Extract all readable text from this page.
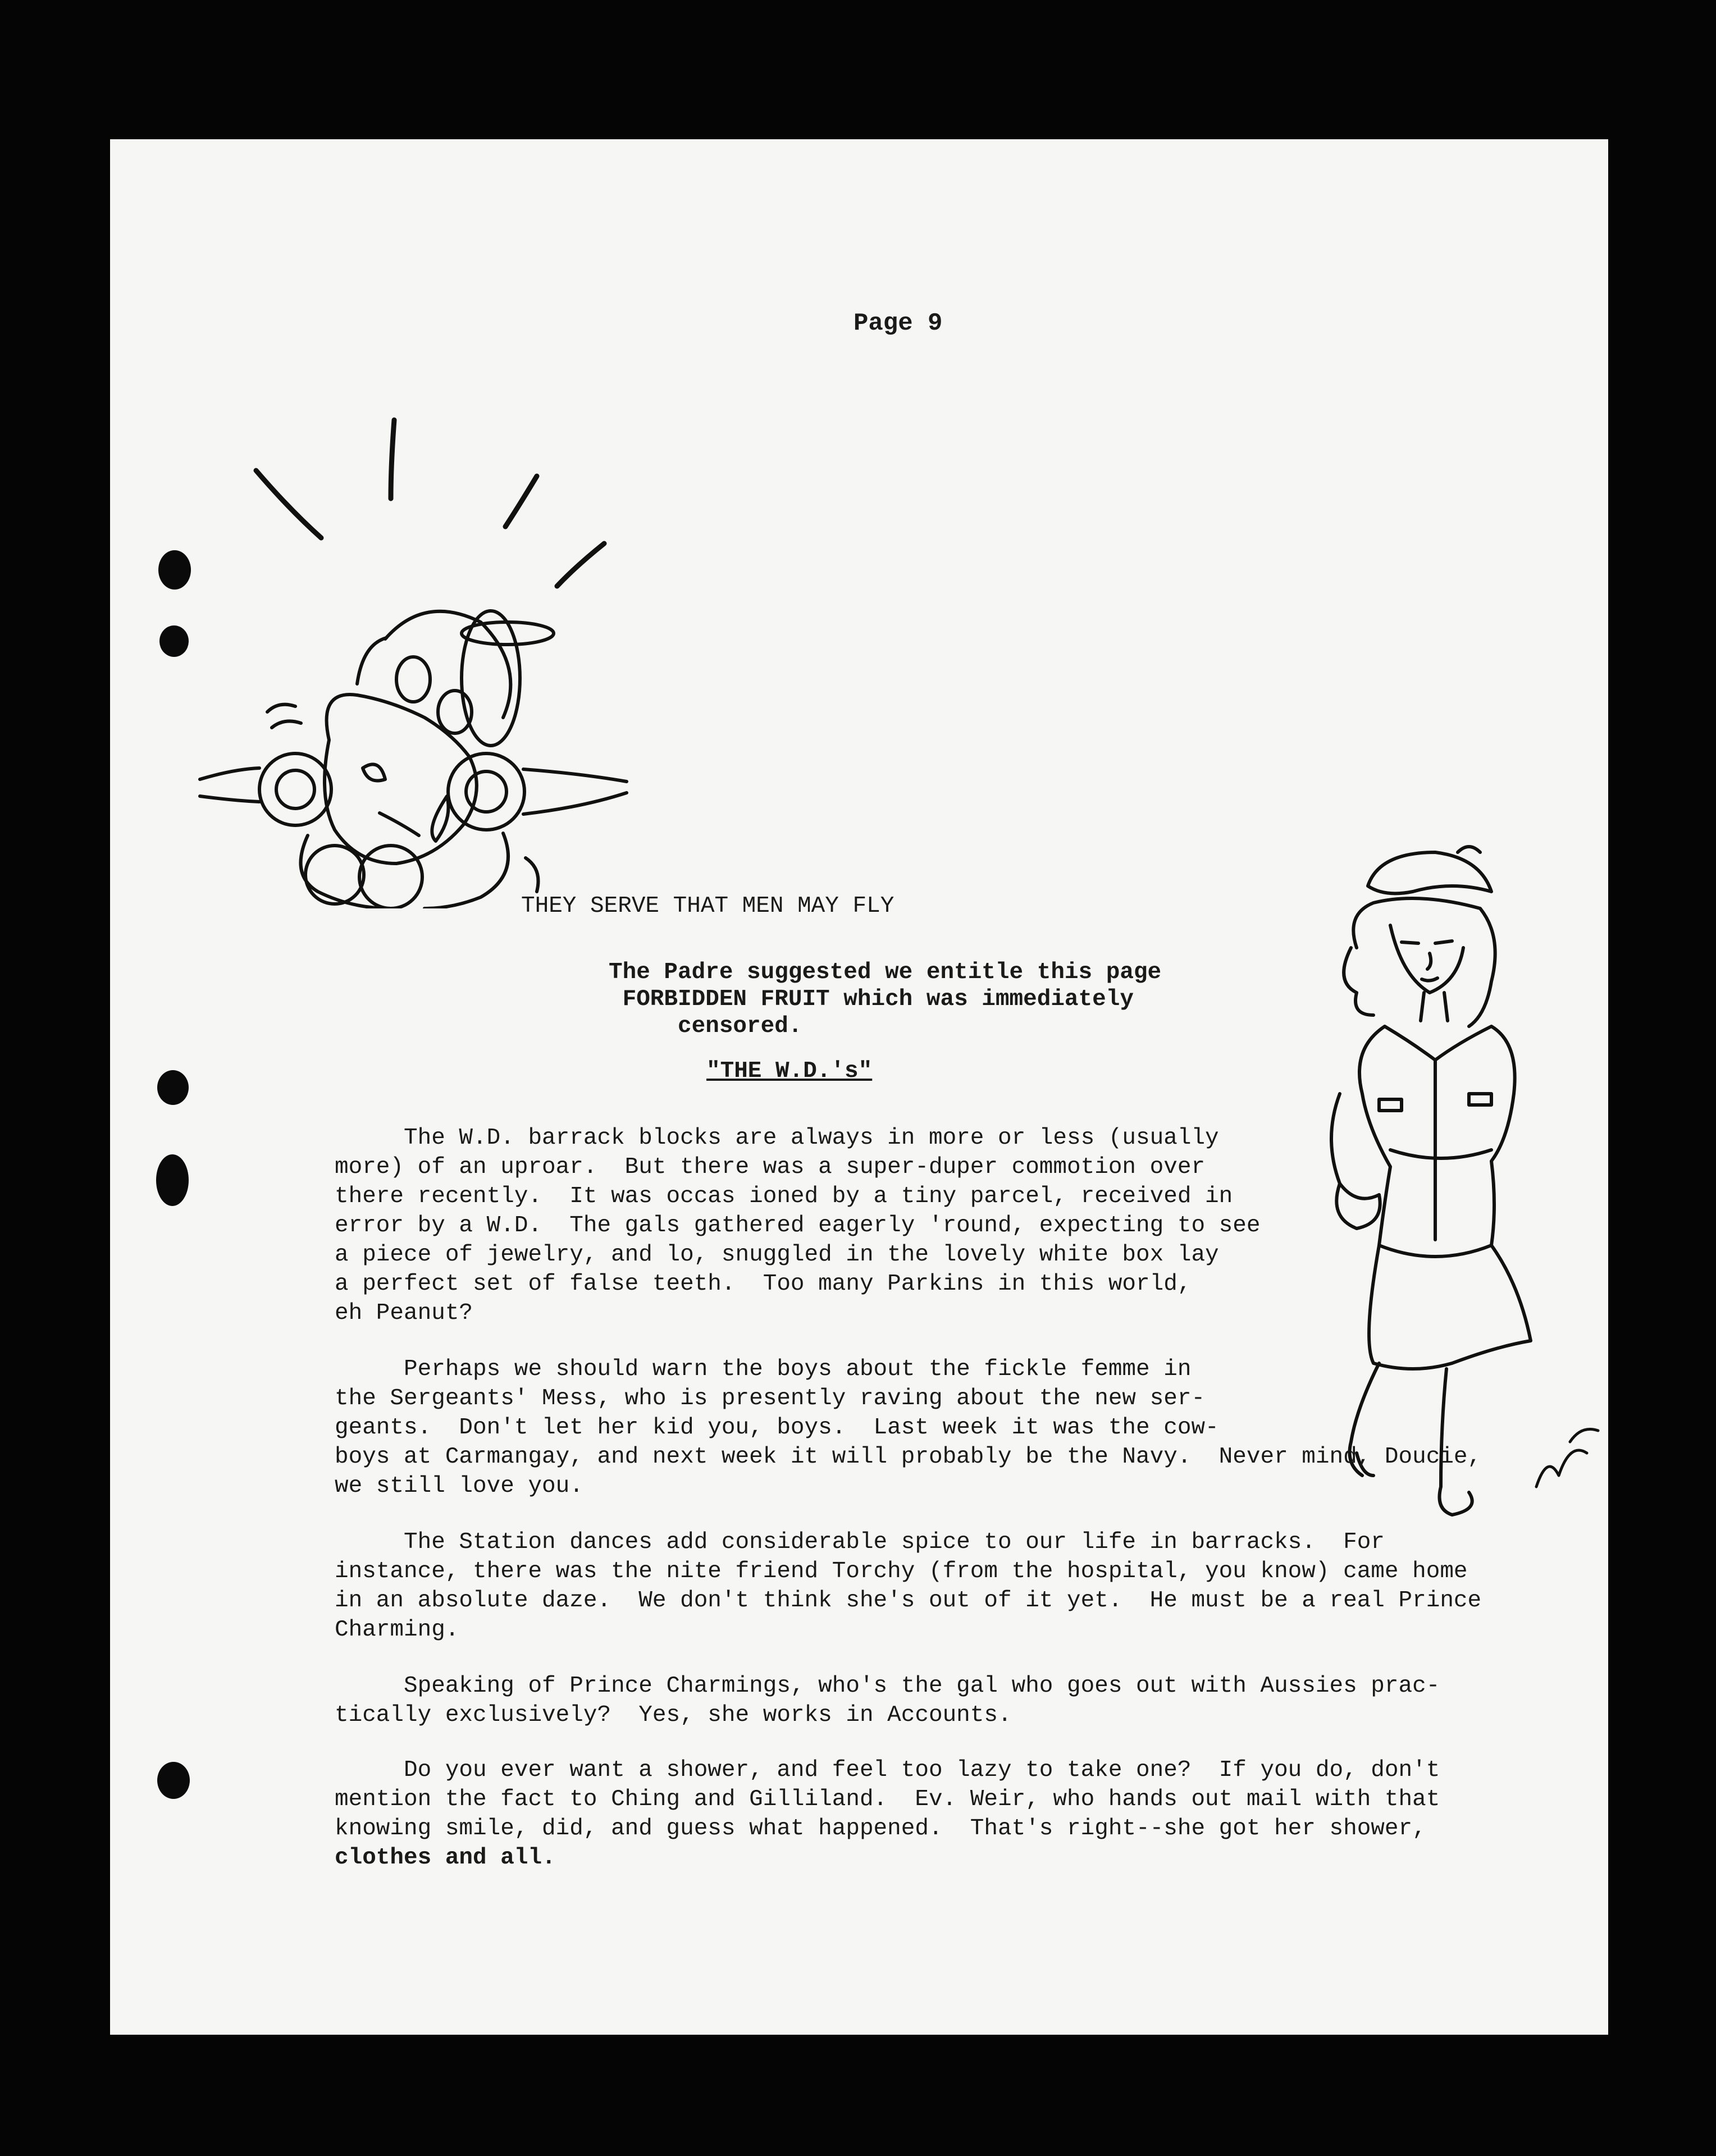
Page 9
THEY SERVE THAT MEN MAY FLY
The Padre suggested we entitle this page
FORBIDDEN FRUIT which was immediately
censored.
"THE W.D.'s"
The W.D. barrack blocks are always in more or less (usually
more) of an uproar.  But there was a super-duper commotion over
there recently.  It was occas ioned by a tiny parcel, received in
error by a W.D.  The gals gathered eagerly 'round, expecting to see
a piece of jewelry, and lo, snuggled in the lovely white box lay
a perfect set of false teeth.  Too many Parkins in this world,
eh Peanut?
Perhaps we should warn the boys about the fickle femme in
the Sergeants' Mess, who is presently raving about the new ser-
geants.  Don't let her kid you, boys.  Last week it was the cow-
boys at Carmangay, and next week it will probably be the Navy.  Never mind, Doucie,
we still love you.
The Station dances add considerable spice to our life in barracks.  For
instance, there was the nite friend Torchy (from the hospital, you know) came home
in an absolute daze.  We don't think she's out of it yet.  He must be a real Prince
Charming.
Speaking of Prince Charmings, who's the gal who goes out with Aussies prac-
tically exclusively?  Yes, she works in Accounts.
Do you ever want a shower, and feel too lazy to take one?  If you do, don't
mention the fact to Ching and Gilliland.  Ev. Weir, who hands out mail with that
knowing smile, did, and guess what happened.  That's right--she got her shower,
clothes and all.
